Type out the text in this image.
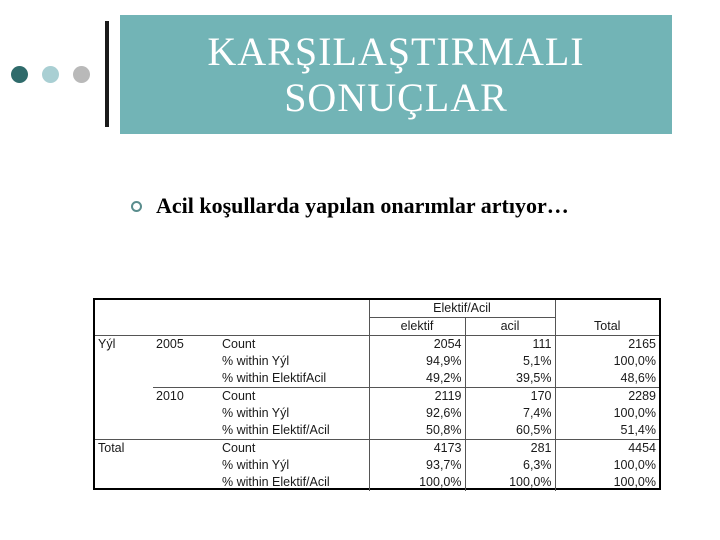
KARŞILAŞTIRMALI
SONUÇLAR
Acil koşullarda yapılan onarımlar artıyor…
			Elektif/Acil		
			elektif	acil	Total
Yýl	2005	Count	2054	111	2165
		% within Yýl	94,9%	5,1%	100,0%
		% within ElektifAcil	49,2%	39,5%	48,6%
	2010	Count	2119	170	2289
		% within Yýl	92,6%	7,4%	100,0%
		% within Elektif/Acil	50,8%	60,5%	51,4%
Total		Count	4173	281	4454
		% within Yýl	93,7%	6,3%	100,0%
		% within Elektif/Acil	100,0%	100,0%	100,0%
